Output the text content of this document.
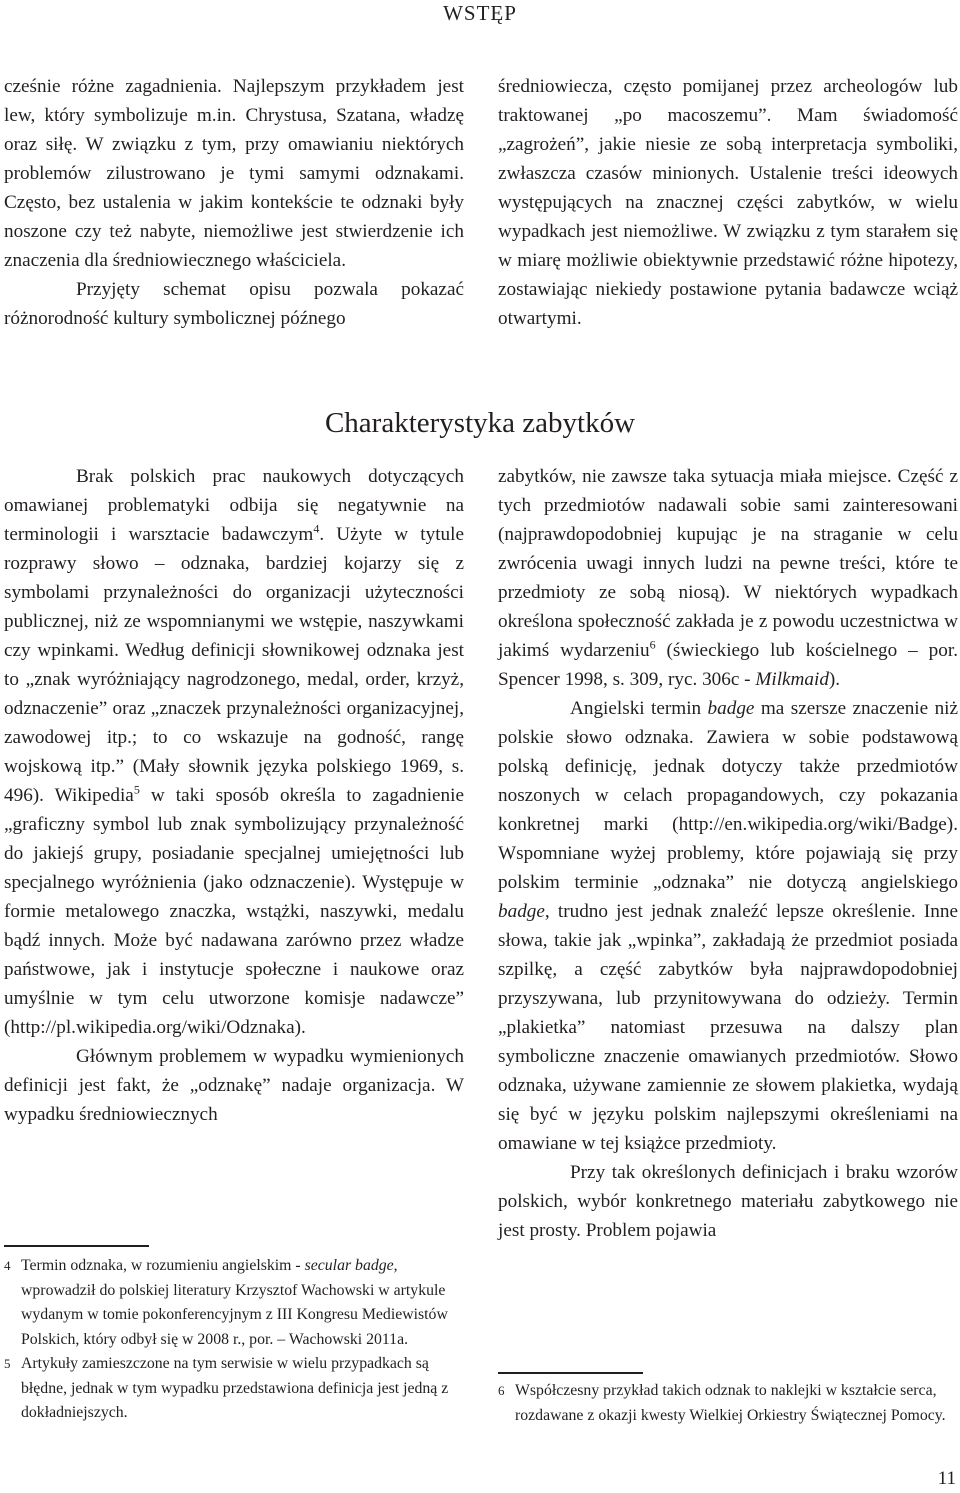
WSTĘP

cześnie różne zagadnienia. Najlepszym przykładem jest lew, który symbolizuje m.in. Chrystusa, Szatana, władzę oraz siłę. W związku z tym, przy omawianiu niektórych problemów zilustrowano je tymi samymi odznakami. Często, bez ustalenia w jakim kontekście te odznaki były noszone czy też nabyte, niemożliwe jest stwierdzenie ich znaczenia dla średniowiecznego właściciela.

Przyjęty schemat opisu pozwala pokazać różnorodność kultury symbolicznej późnego

średniowiecza, często pomijanej przez archeologów lub traktowanej „po macoszemu”. Mam świadomość „zagrożeń”, jakie niesie ze sobą interpretacja symboliki, zwłaszcza czasów minionych. Ustalenie treści ideowych występujących na znacznej części zabytków, w wielu wypadkach jest niemożliwe. W związku z tym starałem się w miarę możliwie obiektywnie przedstawić różne hipotezy, zostawiając niekiedy postawione pytania badawcze wciąż otwartymi.

Charakterystyka zabytków

Brak polskich prac naukowych dotyczących omawianej problematyki odbija się negatywnie na terminologii i warsztacie badawczym$^4$. Użyte w tytule rozprawy słowo – odznaka, bardziej kojarzy się z symbolami przynależności do organizacji użyteczności publicznej, niż ze wspomnianymi we wstępie, naszywkami czy wpinkami. Według definicji słownikowej odznaka jest to „znak wyróżniający nagrodzonego, medal, order, krzyż, odznaczenie” oraz „znaczek przynależności organizacyjnej, zawodowej itp.; to co wskazuje na godność, rangę wojskową itp.” (Mały słownik języka polskiego 1969, s. 496). Wikipedia$^5$ w taki sposób określa to zagadnienie „graficzny symbol lub znak symbolizujący przynależność do jakiejś grupy, posiadanie specjalnej umiejętności lub specjalnego wyróżnienia (jako odznaczenie). Występuje w formie metalowego znaczka, wstążki, naszywki, medalu bądź innych. Może być nadawana zarówno przez władze państwowe, jak i instytucje społeczne i naukowe oraz umyślnie w tym celu utworzone komisje nadawcze” (http://pl.wikipedia.org/wiki/Odznaka).

Głównym problemem w wypadku wymienionych definicji jest fakt, że „odznakę” nadaje organizacja. W wypadku średniowiecznych

zabytków, nie zawsze taka sytuacja miała miejsce. Część z tych przedmiotów nadawali sobie sami zainteresowani (najprawdopodobniej kupując je na straganie w celu zwrócenia uwagi innych ludzi na pewne treści, które te przedmioty ze sobą niosą). W niektórych wypadkach określona społeczność zakłada je z powodu uczestnictwa w jakimś wydarzeniu$^6$ (świeckiego lub kościelnego – por. Spencer 1998, s. 309, ryc. 306c - Milkmaid).

Angielski termin badge ma szersze znaczenie niż polskie słowo odznaka. Zawiera w sobie podstawową polską definicję, jednak dotyczy także przedmiotów noszonych w celach propagandowych, czy pokazania konkretnej marki (http://en.wikipedia.org/wiki/Badge). Wspomniane wyżej problemy, które pojawiają się przy polskim terminie „odznaka” nie dotyczą angielskiego badge, trudno jest jednak znaleźć lepsze określenie. Inne słowa, takie jak „wpinka”, zakładają że przedmiot posiada szpilkę, a część zabytków była najprawdopodobniej przyszywana, lub przynitowywana do odzieży. Termin „plakietka” natomiast przesuwa na dalszy plan symboliczne znaczenie omawianych przedmiotów. Słowo odznaka, używane zamiennie ze słowem plakietka, wydają się być w języku polskim najlepszymi określeniami na omawiane w tej książce przedmioty.

Przy tak określonych definicjach i braku wzorów polskich, wybór konkretnego materiału zabytkowego nie jest prosty. Problem pojawia

4 Termin odznaka, w rozumieniu angielskim - secular badge, wprowadził do polskiej literatury Krzysztof Wachowski w artykule wydanym w tomie pokonferencyjnym z III Kongresu Mediewistów Polskich, który odbył się w 2008 r., por. – Wachowski 2011a.

5 Artykuły zamieszczone na tym serwisie w wielu przypadkach są błędne, jednak w tym wypadku przedstawiona definicja jest jedną z dokładniejszych.

6 Współczesny przykład takich odznak to naklejki w kształcie serca, rozdawane z okazji kwesty Wielkiej Orkiestry Świątecznej Pomocy.

11
